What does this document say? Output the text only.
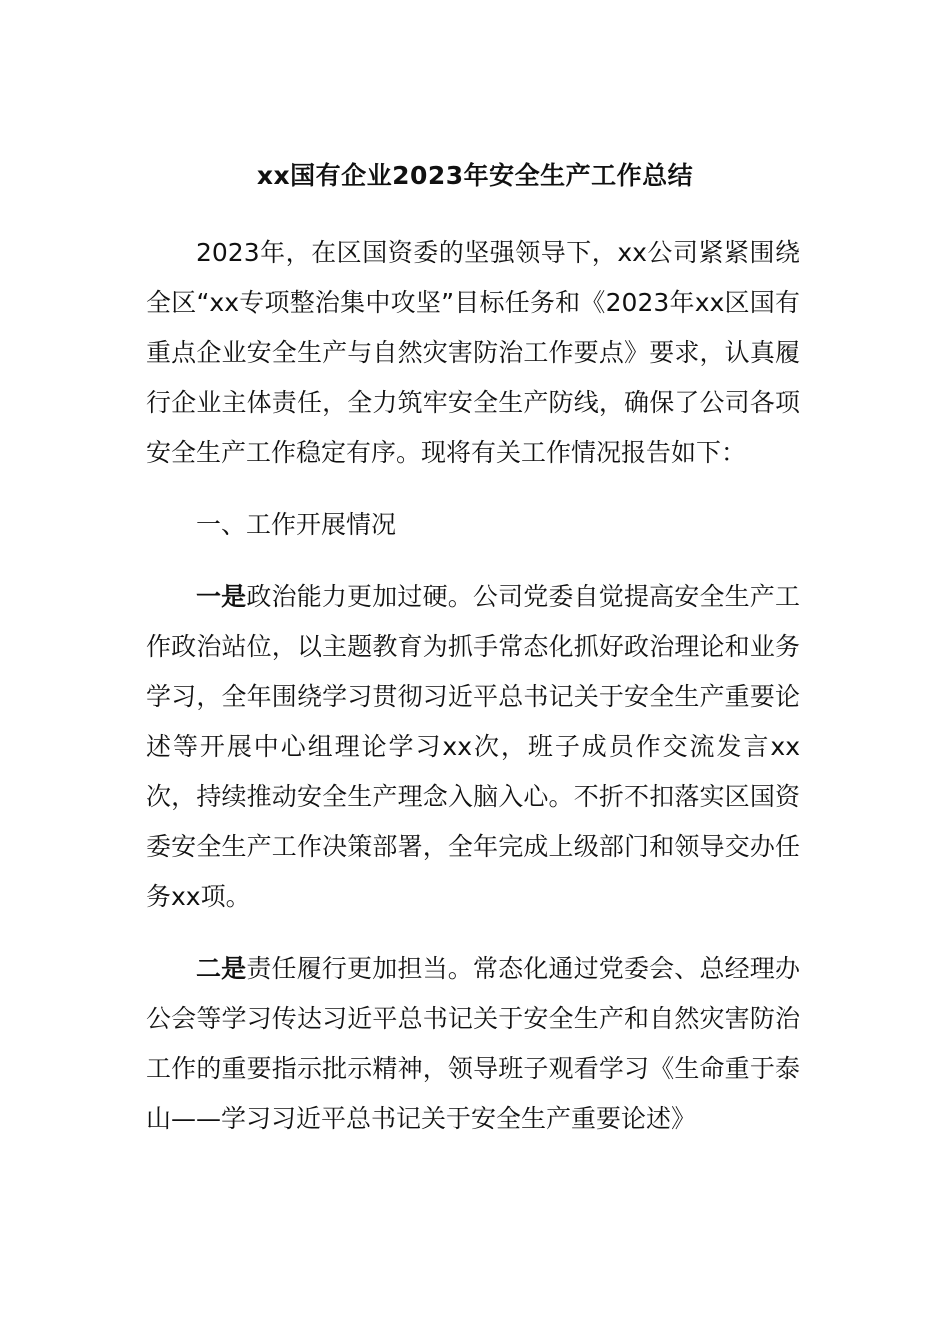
xx国有企业2023年安全生产工作总结

2023年，在区国资委的坚强领导下，xx公司紧紧围绕全区“xx专项整治集中攻坚”目标任务和《2023年xx区国有重点企业安全生产与自然灾害防治工作要点》要求，认真履行企业主体责任，全力筑牢安全生产防线，确保了公司各项安全生产工作稳定有序。现将有关工作情况报告如下：

一、工作开展情况

一是政治能力更加过硬。公司党委自觉提高安全生产工作政治站位，以主题教育为抓手常态化抓好政治理论和业务学习，全年围绕学习贯彻习近平总书记关于安全生产重要论述等开展中心组理论学习xx次，班子成员作交流发言xx次，持续推动安全生产理念入脑入心。不折不扣落实区国资委安全生产工作决策部署，全年完成上级部门和领导交办任务xx项。

二是责任履行更加担当。常态化通过党委会、总经理办公会等学习传达习近平总书记关于安全生产和自然灾害防治工作的重要指示批示精神，领导班子观看学习《生命重于泰山——学习习近平总书记关于安全生产重要论述》
